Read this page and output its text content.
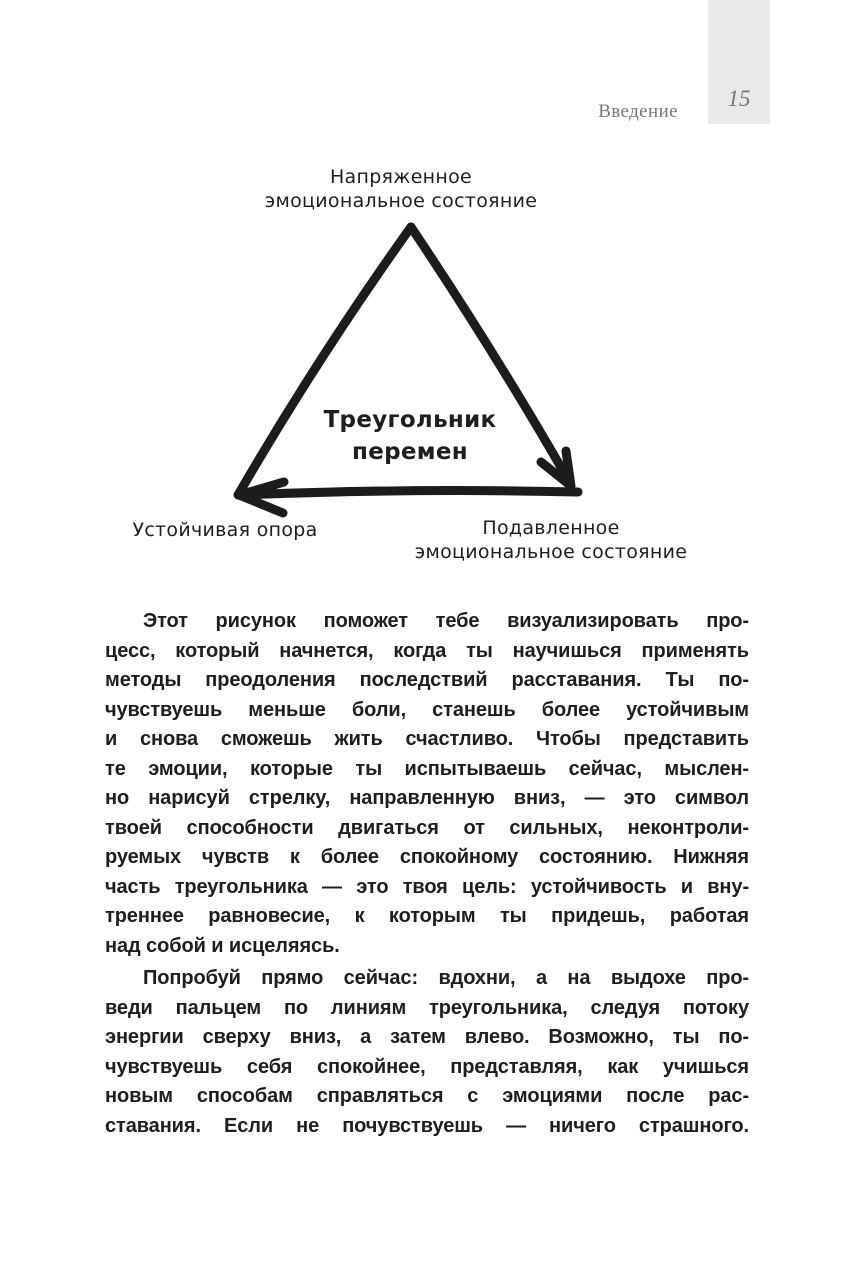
15
Введение
Напряженное
эмоциональное состояние
Треугольник
перемен
Устойчивая опора	Подавленное
эмоциональное состояние
Этот рисунок поможет тебе визуализировать про-
цесс, который начнется, когда ты научишься применять
методы преодоления последствий расставания. Ты по-
чувствуешь меньше боли, станешь более устойчивым
и снова сможешь жить счастливо. Чтобы представить
те эмоции, которые ты испытываешь сейчас, мыслен-
но нарисуй стрелку, направленную вниз, — это символ
твоей способности двигаться от сильных, неконтроли-
руемых чувств к более спокойному состоянию. Нижняя
часть треугольника — это твоя цель: устойчивость и вну-
треннее равновесие, к которым ты придешь, работая
над собой и исцеляясь.
Попробуй прямо сейчас: вдохни, а на выдохе про-
веди пальцем по линиям треугольника, следуя потоку
энергии сверху вниз, а затем влево. Возможно, ты по-
чувствуешь себя спокойнее, представляя, как учишься
новым способам справляться с эмоциями после рас-
ставания. Если не почувствуешь — ничего страшного.
